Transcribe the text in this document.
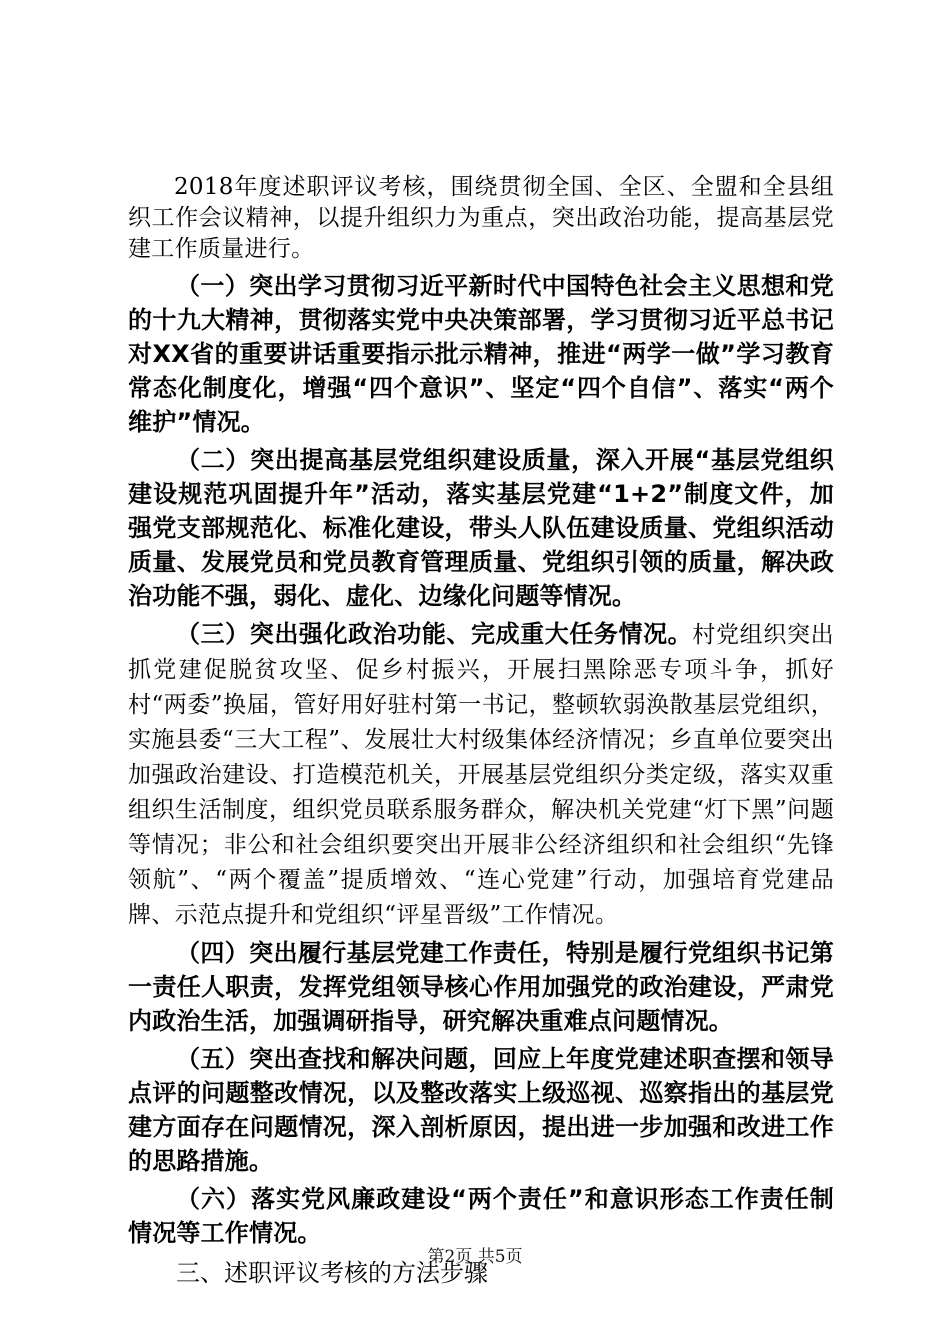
2018年度述职评议考核，围绕贯彻全国、全区、全盟和全县组织工作会议精神，以提升组织力为重点，突出政治功能，提高基层党建工作质量进行。

（一）突出学习贯彻习近平新时代中国特色社会主义思想和党的十九大精神，贯彻落实党中央决策部署，学习贯彻习近平总书记对XX省的重要讲话重要指示批示精神，推进“两学一做”学习教育常态化制度化，增强“四个意识”、坚定“四个自信”、落实“两个维护”情况。

（二）突出提高基层党组织建设质量，深入开展“基层党组织建设规范巩固提升年”活动，落实基层党建“1+2”制度文件，加强党支部规范化、标准化建设，带头人队伍建设质量、党组织活动质量、发展党员和党员教育管理质量、党组织引领的质量，解决政治功能不强，弱化、虚化、边缘化问题等情况。

（三）突出强化政治功能、完成重大任务情况。村党组织突出抓党建促脱贫攻坚、促乡村振兴，开展扫黑除恶专项斗争，抓好村“两委”换届，管好用好驻村第一书记，整顿软弱涣散基层党组织，实施县委“三大工程”、发展壮大村级集体经济情况；乡直单位要突出加强政治建设、打造模范机关，开展基层党组织分类定级，落实双重组织生活制度，组织党员联系服务群众，解决机关党建“灯下黑”问题等情况；非公和社会组织要突出开展非公经济组织和社会组织“先锋领航”、“两个覆盖”提质增效、“连心党建”行动，加强培育党建品牌、示范点提升和党组织“评星晋级”工作情况。

（四）突出履行基层党建工作责任，特别是履行党组织书记第一责任人职责，发挥党组领导核心作用加强党的政治建设，严肃党内政治生活，加强调研指导，研究解决重难点问题情况。

（五）突出查找和解决问题，回应上年度党建述职查摆和领导点评的问题整改情况，以及整改落实上级巡视、巡察指出的基层党建方面存在问题情况，深入剖析原因，提出进一步加强和改进工作的思路措施。

（六）落实党风廉政建设“两个责任”和意识形态工作责任制情况等工作情况。

三、述职评议考核的方法步骤

第2页 共5页
